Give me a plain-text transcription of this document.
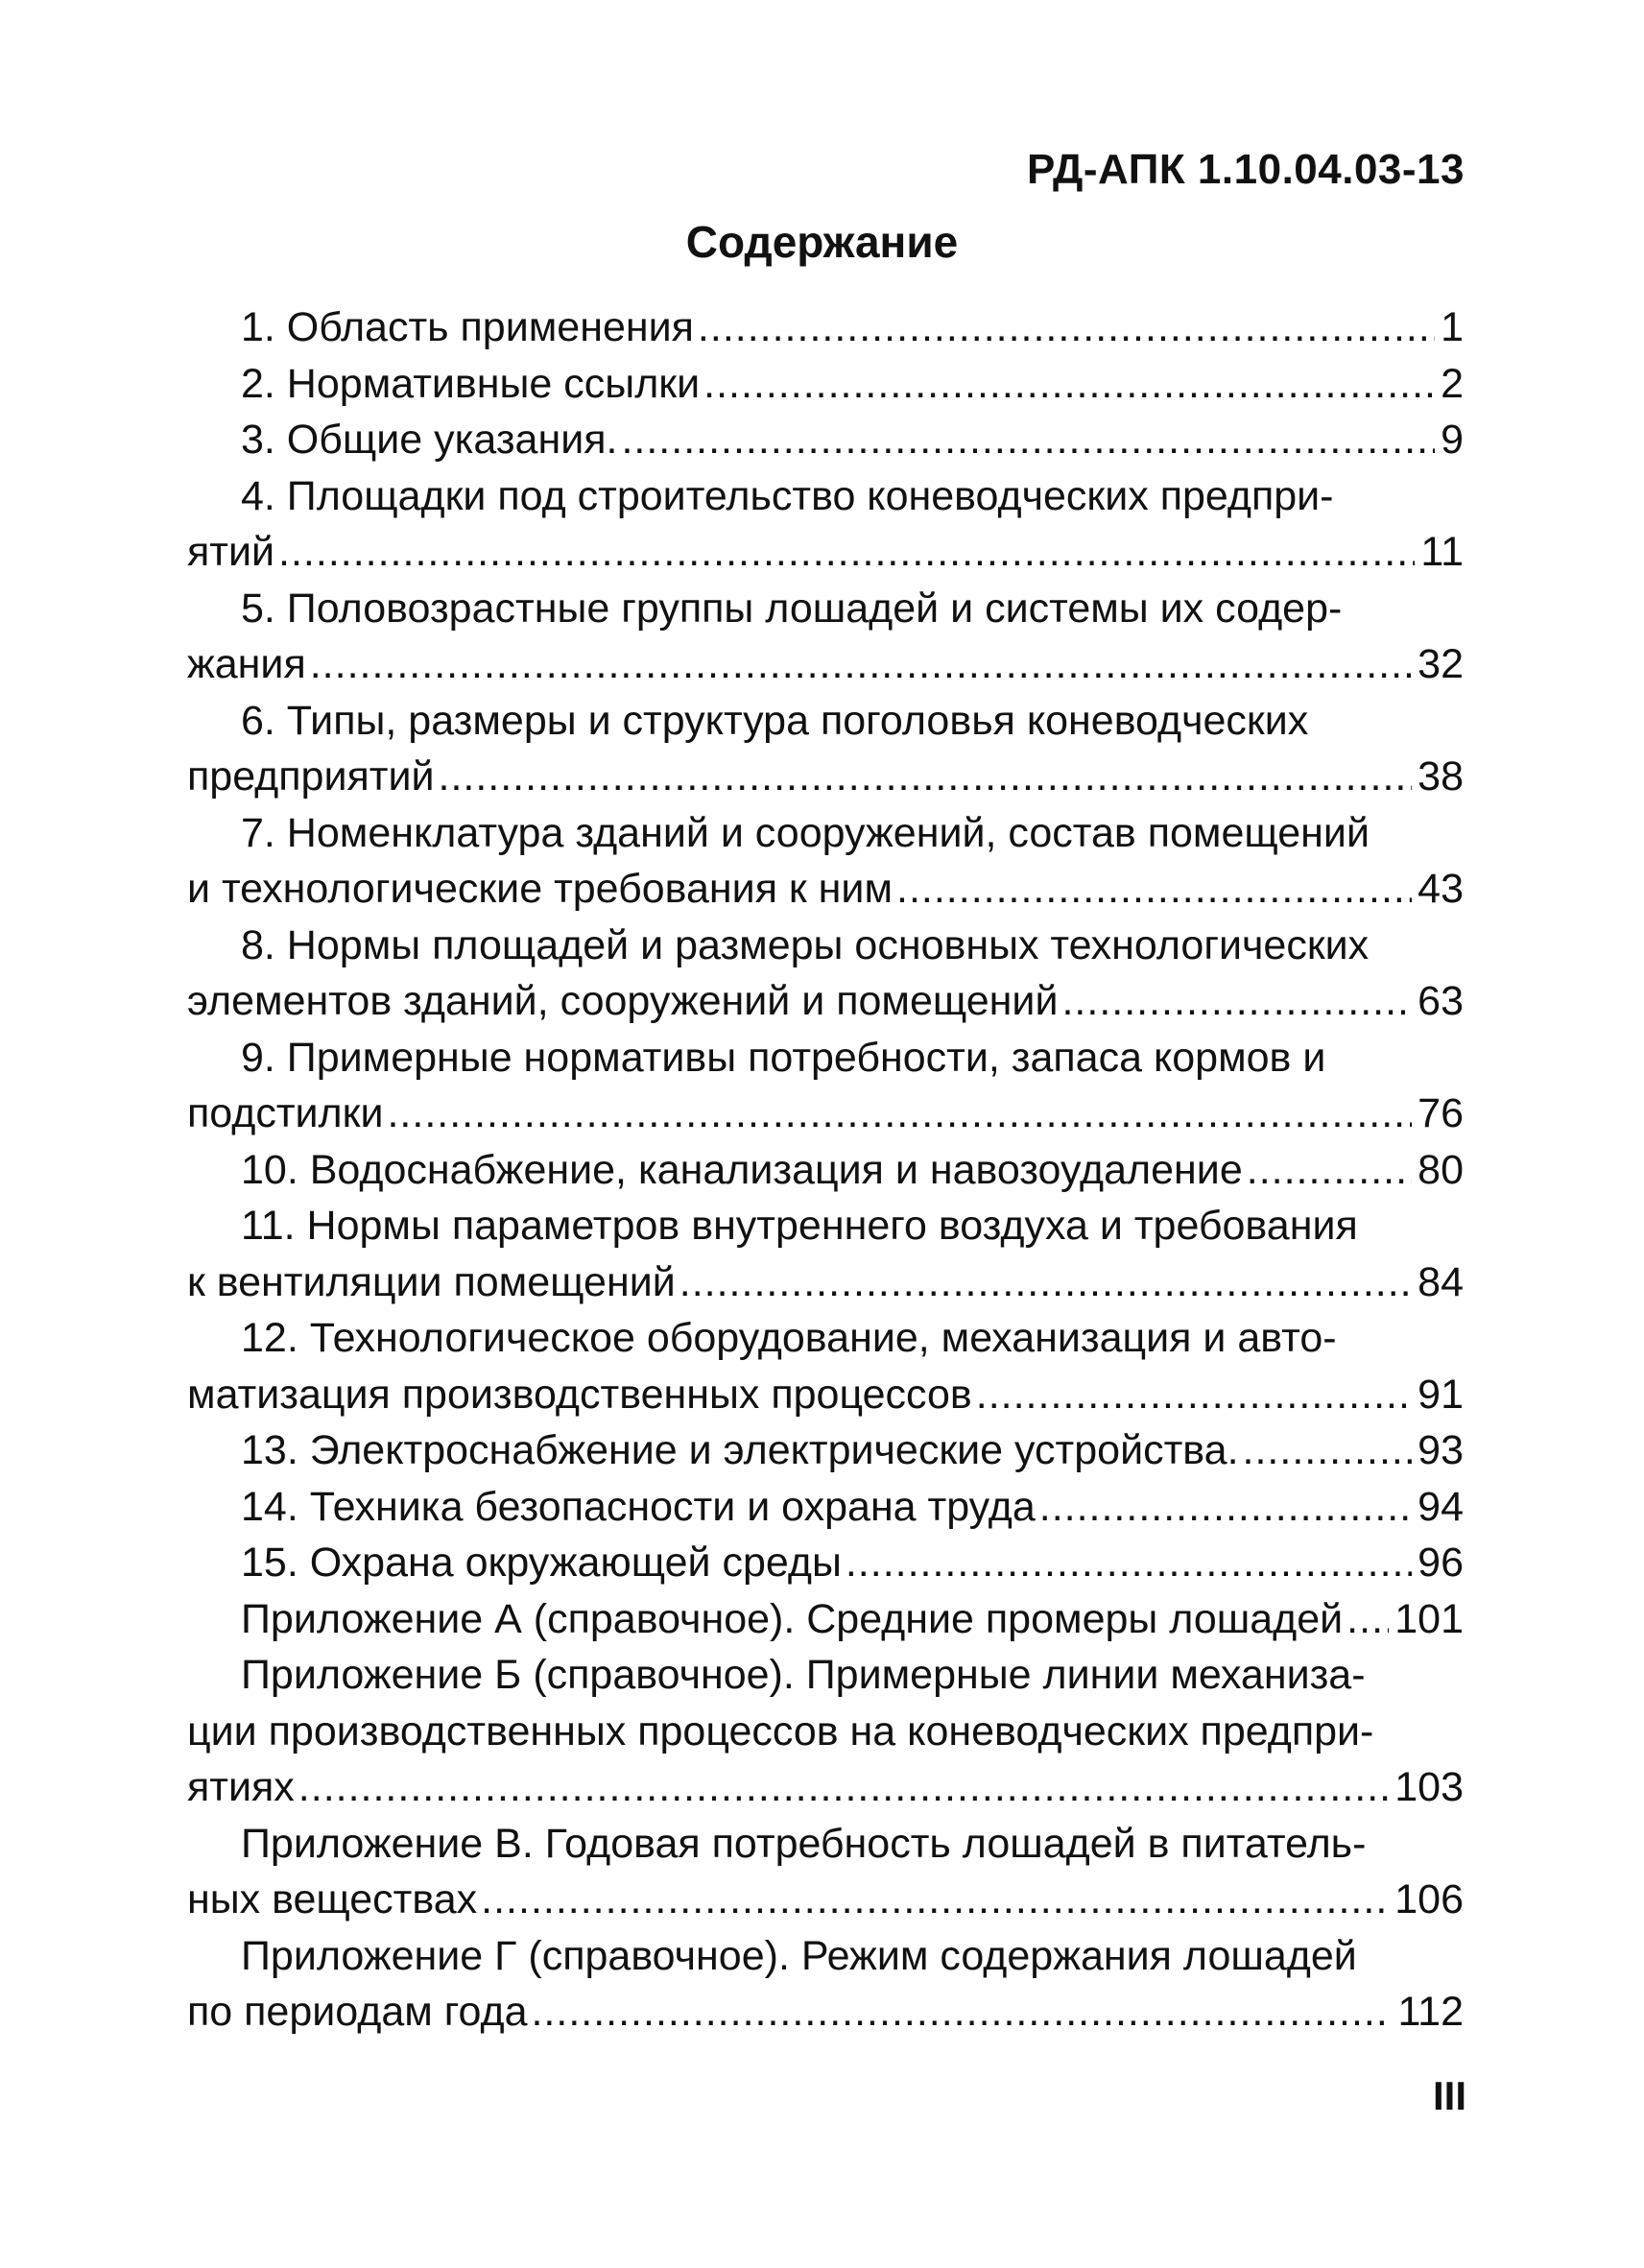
РД-АПК 1.10.04.03-13
Содержание
1. Область применения .....	1
2. Нормативные ссылки .....	2
3. Общие указания. .....	9
4. Площадки под строительство коневодческих предпри-
ятий .....	11
5. Половозрастные группы лошадей и системы их содер-
жания .....	32
6. Типы, размеры и структура поголовья коневодческих
предприятий .....	38
7. Номенклатура зданий и сооружений, состав помещений
и технологические требования к ним .....	43
8. Нормы площадей и размеры основных технологических
элементов зданий, сооружений и помещений .....	63
9. Примерные нормативы потребности, запаса кормов и
подстилки .....	76
10. Водоснабжение, канализация и навозоудаление .....	80
11. Нормы параметров внутреннего воздуха и требования
к вентиляции помещений .....	84
12. Технологическое оборудование, механизация и авто-
матизация производственных процессов .....	91
13. Электроснабжение и электрические устройства. .....	93
14. Техника безопасности и охрана труда .....	94
15. Охрана окружающей среды .....	96
Приложение А (справочное). Средние промеры лошадей ..... 101
Приложение Б (справочное). Примерные линии механиза-
ции производственных процессов на коневодческих предпри-
ятиях .....	103
Приложение В. Годовая потребность лошадей в питатель-
ных веществах .....	106
Приложение Г (справочное). Режим содержания лошадей
по периодам года .....	112
III
